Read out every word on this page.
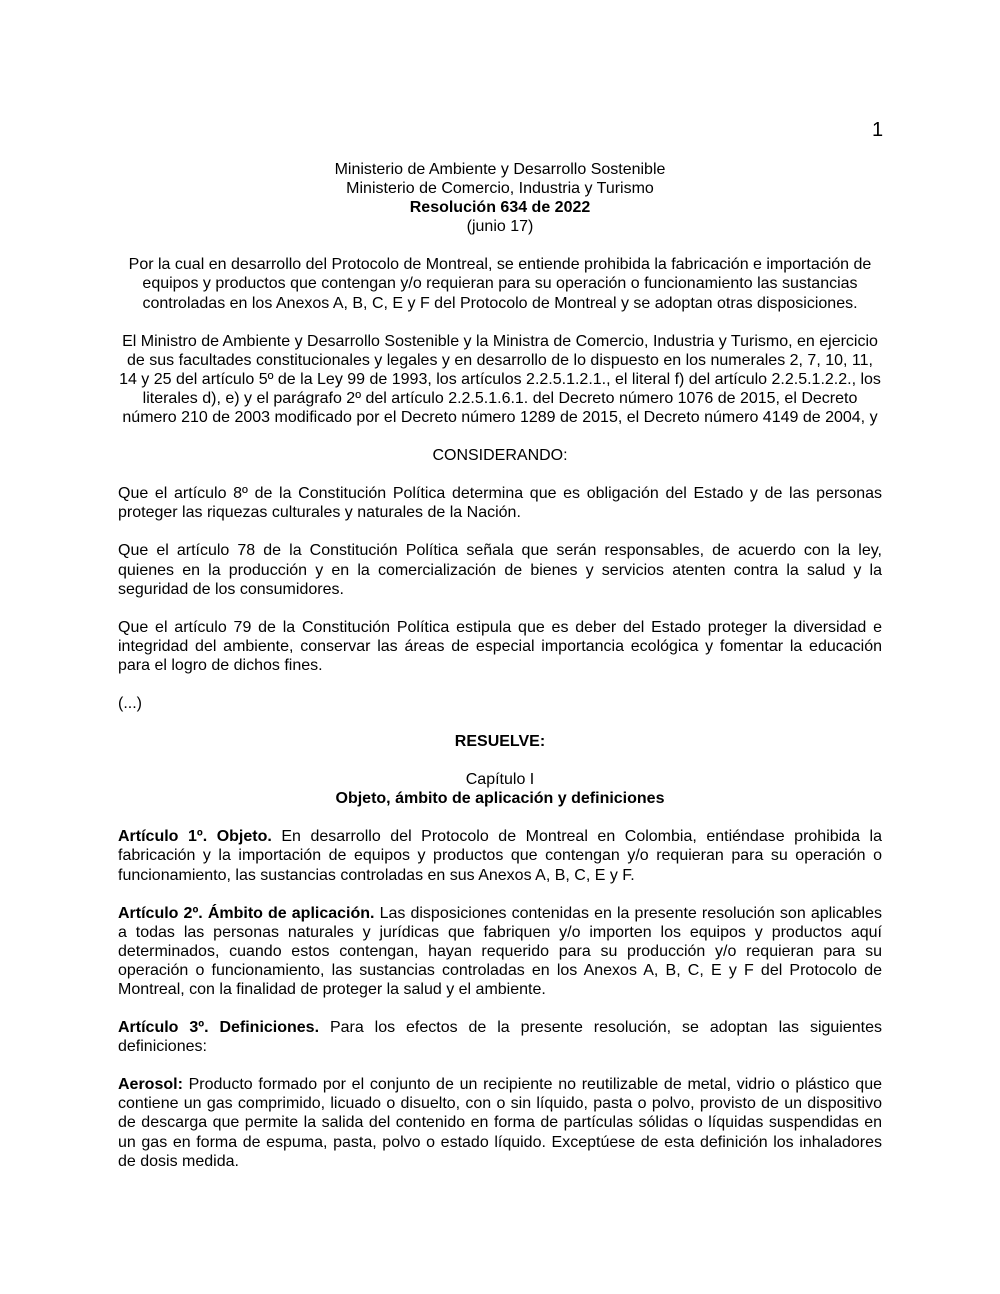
1

Ministerio de Ambiente y Desarrollo Sostenible

Ministerio de Comercio, Industria y Turismo

Resolución 634 de 2022

(junio 17)

Por la cual en desarrollo del Protocolo de Montreal, se entiende prohibida la fabricación e importación de equipos y productos que contengan y/o requieran para su operación o funcionamiento las sustancias controladas en los Anexos A, B, C, E y F del Protocolo de Montreal y se adoptan otras disposiciones.

El Ministro de Ambiente y Desarrollo Sostenible y la Ministra de Comercio, Industria y Turismo, en ejercicio de sus facultades constitucionales y legales y en desarrollo de lo dispuesto en los numerales 2, 7, 10, 11, 14 y 25 del artículo 5º de la Ley 99 de 1993, los artículos 2.2.5.1.2.1., el literal f) del artículo 2.2.5.1.2.2., los literales d), e) y el parágrafo 2º del artículo 2.2.5.1.6.1. del Decreto número 1076 de 2015, el Decreto número 210 de 2003 modificado por el Decreto número 1289 de 2015, el Decreto número 4149 de 2004, y

CONSIDERANDO:

Que el artículo 8º de la Constitución Política determina que es obligación del Estado y de las personas proteger las riquezas culturales y naturales de la Nación.

Que el artículo 78 de la Constitución Política señala que serán responsables, de acuerdo con la ley, quienes en la producción y en la comercialización de bienes y servicios atenten contra la salud y la seguridad de los consumidores.

Que el artículo 79 de la Constitución Política estipula que es deber del Estado proteger la diversidad e integridad del ambiente, conservar las áreas de especial importancia ecológica y fomentar la educación para el logro de dichos fines.

(...)

RESUELVE:

Capítulo I

Objeto, ámbito de aplicación y definiciones

Artículo 1º. Objeto. En desarrollo del Protocolo de Montreal en Colombia, entiéndase prohibida la fabricación y la importación de equipos y productos que contengan y/o requieran para su operación o funcionamiento, las sustancias controladas en sus Anexos A, B, C, E y F.

Artículo 2º. Ámbito de aplicación. Las disposiciones contenidas en la presente resolución son aplicables a todas las personas naturales y jurídicas que fabriquen y/o importen los equipos y productos aquí determinados, cuando estos contengan, hayan requerido para su producción y/o requieran para su operación o funcionamiento, las sustancias controladas en los Anexos A, B, C, E y F del Protocolo de Montreal, con la finalidad de proteger la salud y el ambiente.

Artículo 3º. Definiciones. Para los efectos de la presente resolución, se adoptan las siguientes definiciones:

Aerosol: Producto formado por el conjunto de un recipiente no reutilizable de metal, vidrio o plástico que contiene un gas comprimido, licuado o disuelto, con o sin líquido, pasta o polvo, provisto de un dispositivo de descarga que permite la salida del contenido en forma de partículas sólidas o líquidas suspendidas en un gas en forma de espuma, pasta, polvo o estado líquido. Exceptúese de esta definición los inhaladores de dosis medida.
